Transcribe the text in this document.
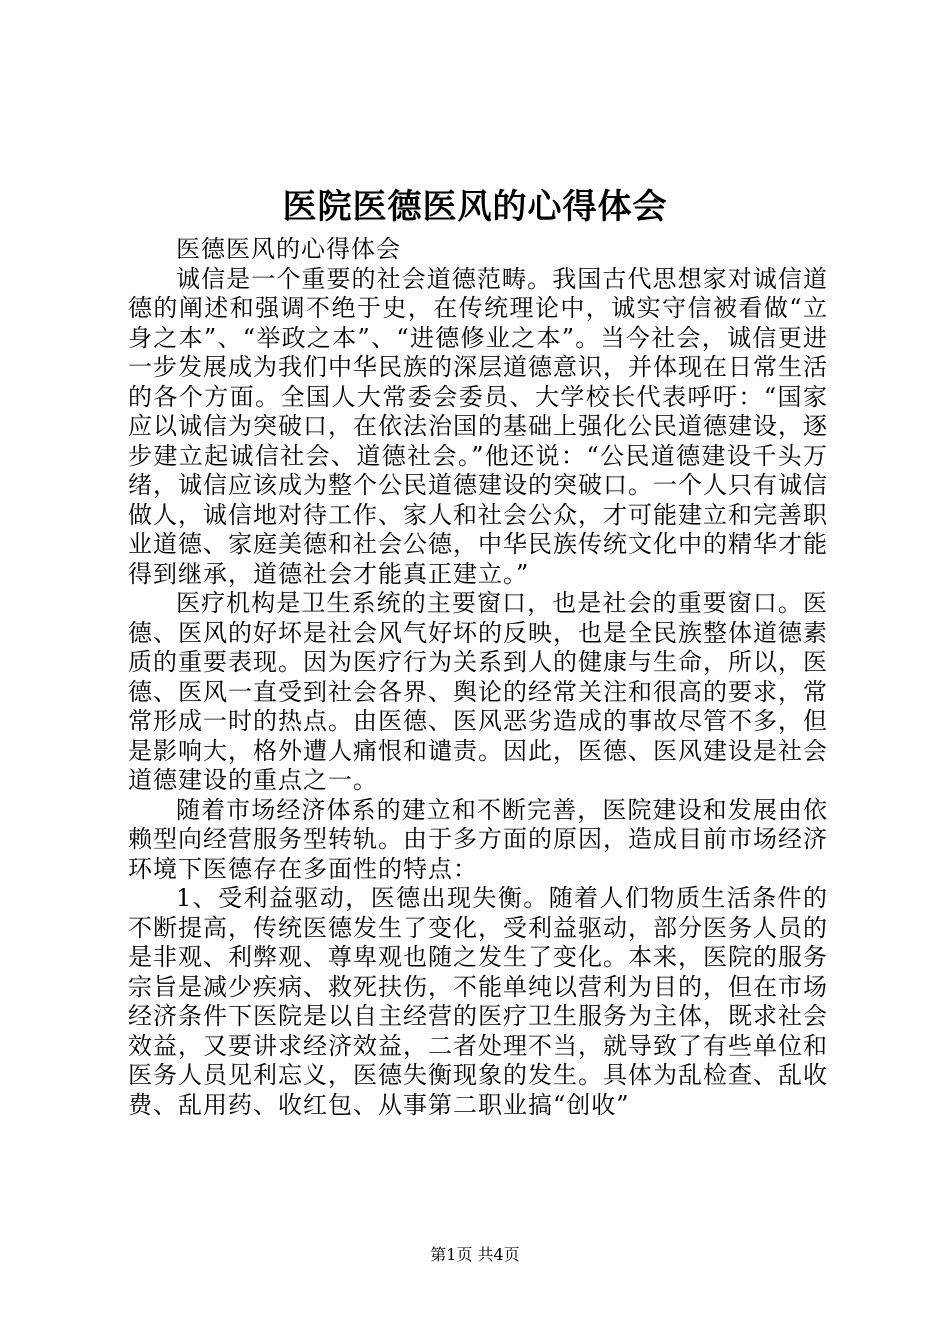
医院医德医风的心得体会

医德医风的心得体会

诚信是一个重要的社会道德范畴。我国古代思想家对诚信道德的阐述和强调不绝于史，在传统理论中，诚实守信被看做“立身之本”、“举政之本”、“进德修业之本”。当今社会，诚信更进一步发展成为我们中华民族的深层道德意识，并体现在日常生活的各个方面。全国人大常委会委员、大学校长代表呼吁：“国家应以诚信为突破口，在依法治国的基础上强化公民道德建设，逐步建立起诚信社会、道德社会。”他还说：“公民道德建设千头万绪，诚信应该成为整个公民道德建设的突破口。一个人只有诚信做人，诚信地对待工作、家人和社会公众，才可能建立和完善职业道德、家庭美德和社会公德，中华民族传统文化中的精华才能得到继承，道德社会才能真正建立。”

医疗机构是卫生系统的主要窗口，也是社会的重要窗口。医德、医风的好坏是社会风气好坏的反映，也是全民族整体道德素质的重要表现。因为医疗行为关系到人的健康与生命，所以，医德、医风一直受到社会各界、舆论的经常关注和很高的要求，常常形成一时的热点。由医德、医风恶劣造成的事故尽管不多，但是影响大，格外遭人痛恨和谴责。因此，医德、医风建设是社会道德建设的重点之一。

随着市场经济体系的建立和不断完善，医院建设和发展由依赖型向经营服务型转轨。由于多方面的原因，造成目前市场经济环境下医德存在多面性的特点：

1、受利益驱动，医德出现失衡。随着人们物质生活条件的不断提高，传统医德发生了变化，受利益驱动，部分医务人员的是非观、利弊观、尊卑观也随之发生了变化。本来，医院的服务宗旨是减少疾病、救死扶伤，不能单纯以营利为目的，但在市场经济条件下医院是以自主经营的医疗卫生服务为主体，既求社会效益，又要讲求经济效益，二者处理不当，就导致了有些单位和医务人员见利忘义，医德失衡现象的发生。具体为乱检查、乱收费、乱用药、收红包、从事第二职业搞“创收”

第1页 共4页
